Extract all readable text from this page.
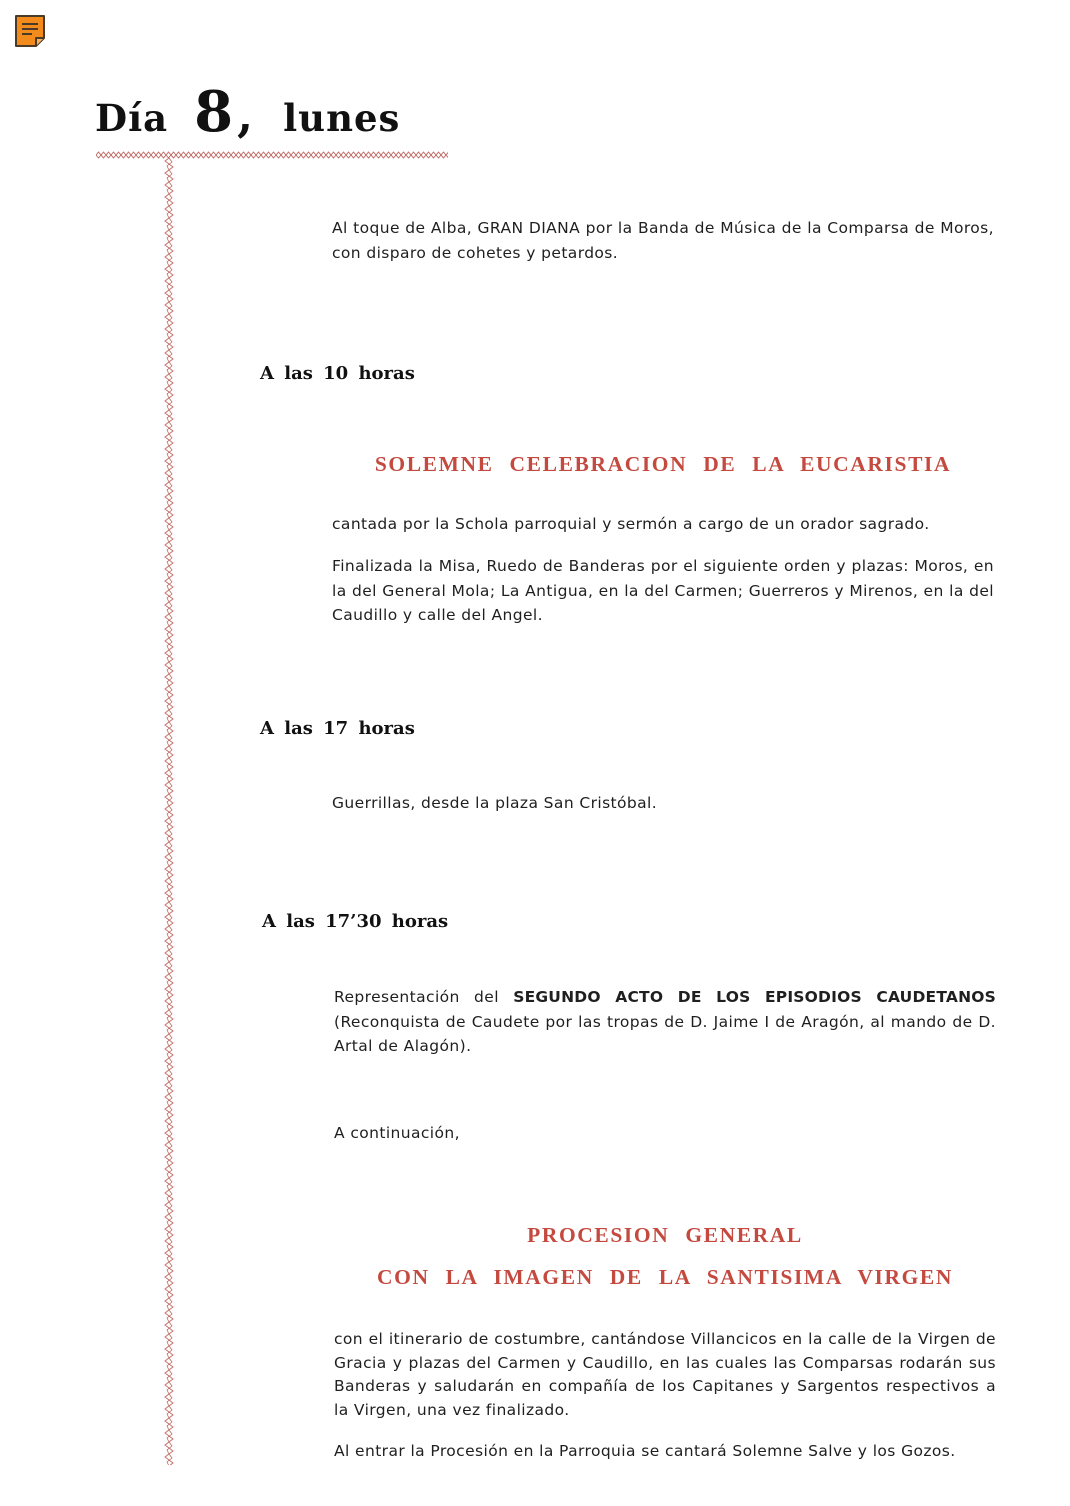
Día 8, lunes

Al toque de Alba, GRAN DIANA por la Banda de Música de la Comparsa de Moros, con disparo de cohetes y petardos.

A las 10 horas

SOLEMNE CELEBRACION DE LA EUCARISTIA

cantada por la Schola parroquial y sermón a cargo de un orador sagrado.

Finalizada la Misa, Ruedo de Banderas por el siguiente orden y plazas: Moros, en la del General Mola; La Antigua, en la del Carmen; Guerreros y Mirenos, en la del Caudillo y calle del Angel.

A las 17 horas

Guerrillas, desde la plaza San Cristóbal.

A las 17’30 horas

Representación del SEGUNDO ACTO DE LOS EPISODIOS CAUDETANOS (Reconquista de Caudete por las tropas de D. Jaime I de Aragón, al mando de D. Artal de Alagón).

A continuación,

PROCESION GENERAL

CON LA IMAGEN DE LA SANTISIMA VIRGEN

con el itinerario de costumbre, cantándose Villancicos en la calle de la Virgen de Gracia y plazas del Carmen y Caudillo, en las cuales las Comparsas rodarán sus Banderas y saludarán en compañía de los Capitanes y Sargentos respectivos a la Virgen, una vez finalizado.

Al entrar la Procesión en la Parroquia se cantará Solemne Salve y los Gozos.
